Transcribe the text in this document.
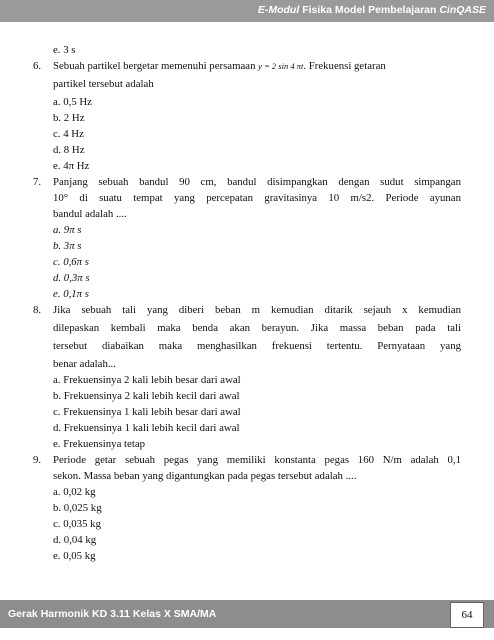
E-Modul Fisika Model Pembelajaran CinQASE
e. 3 s
6. Sebuah partikel bergetar memenuhi persamaan y = 2 sin 4 πt. Frekuensi getaran
partikel tersebut adalah
a. 0,5 Hz
b. 2 Hz
c. 4 Hz
d. 8 Hz
e. 4π Hz
7. Panjang sebuah bandul 90 cm, bandul disimpangkan dengan sudut simpangan
10° di suatu tempat yang percepatan gravitasinya 10 m/s2. Periode ayunan
bandul adalah ....
a. 9π s
b. 3π s
c. 0,6π s
d. 0,3π s
e. 0,1π s
8. Jika sebuah tali yang diberi beban m kemudian ditarik sejauh x kemudian
dilepaskan kembali maka benda akan berayun. Jika massa beban pada tali
tersebut diabaikan maka menghasilkan frekuensi tertentu. Pernyataan yang
benar adalah...
a. Frekuensinya 2 kali lebih besar dari awal
b. Frekuensinya 2 kali lebih kecil dari awal
c. Frekuensinya 1 kali lebih besar dari awal
d. Frekuensinya 1 kali lebih kecil dari awal
e. Frekuensinya tetap
9. Periode getar sebuah pegas yang memiliki konstanta pegas 160 N/m adalah 0,1
sekon. Massa beban yang digantungkan pada pegas tersebut adalah ....
a. 0,02 kg
b. 0,025 kg
c. 0,035 kg
d. 0,04 kg
e. 0,05 kg
Gerak Harmonik KD 3.11 Kelas X SMA/MA	64
